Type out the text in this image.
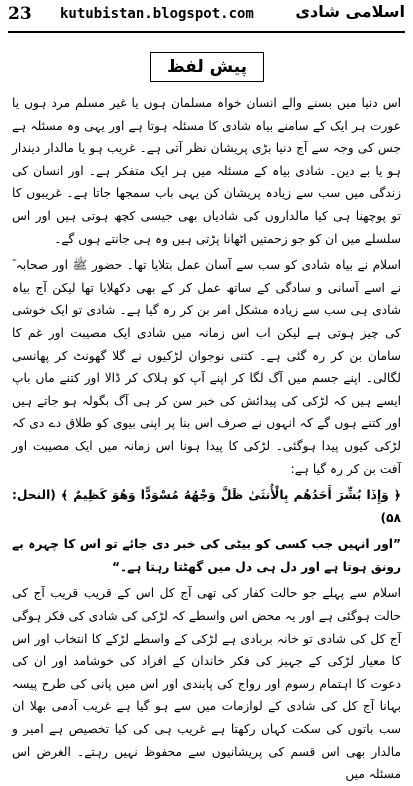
23 kutubistan.blogspot.com	اسلامی شادی
پیش لفظ

اس دنیا میں بسنے والے انسان خواہ مسلمان ہوں یا غیر مسلم مرد ہوں یا عورت ہر ایک کے سامنے بیاہ شادی کا مسئلہ ہوتا ہے اور یہی وہ مسئلہ ہے جس کی وجہ سے آج دنیا بڑی پریشان نظر آتی ہے۔ غریب ہو یا مالدار دیندار ہو یا بے دین۔ شادی بیاہ کے مسئلہ میں ہر ایک متفکر ہے۔ اور انسان کی زندگی میں سب سے زیادہ پریشان کن یہی باب سمجھا جاتا ہے۔ غریبوں کا تو پوچھنا ہی کیا مالداروں کی شادیاں بھی جیسی کچھ ہوتی ہیں اور اس سلسلے میں ان کو جو زحمتیں اٹھانا پڑتی ہیں وہ ہی جانتے ہوں گے۔

اسلام نے بیاہ شادی کو سب سے آسان عمل بتلایا تھا۔ حضور ﷺ اور صحابہ ؓ نے اسے آسانی و سادگی کے ساتھ عمل کر کے بھی دکھلایا تھا لیکن آج بیاہ شادی ہی سب سے زیادہ مشکل امر بن کر رہ گیا ہے۔ شادی تو ایک خوشی کی چیز ہوتی ہے لیکن اب اس زمانہ میں شادی ایک مصیبت اور غم کا سامان بن کر رہ گئی ہے۔ کتنی نوجوان لڑکیوں نے گلا گھونٹ کر پھانسی لگالی۔ اپنے جسم میں آگ لگا کر اپنے آپ کو ہلاک کر ڈالا اور کتنے ماں باپ ایسے ہیں کہ لڑکی کی پیدائش کی خبر سن کر ہی آگ بگولہ ہو جاتے ہیں اور کتنے ہوں گے کہ انہوں نے صرف اس بنا پر اپنی بیوی کو طلاق دے دی کہ لڑکی کیوں پیدا ہوگئی۔ لڑکی کا پیدا ہونا اس زمانہ میں ایک مصیبت اور آفت بن کر رہ گیا ہے:

﴿ وَإِذَا بُشِّرَ أَحَدُهُم بِالْأُنثَىٰ ظَلَّ وَجْهُهُ مُسْوَدًّا وَهُوَ كَظِيمٌ ﴾ (النحل: ۵۸)

”اور انہیں جب کسی کو بیٹی کی خبر دی جائے تو اس کا چہرہ بے رونق ہوتا ہے اور دل ہی دل میں گھٹتا رہتا ہے۔“

اسلام سے پہلے جو حالت کفار کی تھی آج کل اس کے قریب قریب آج کی حالت ہوگئی ہے اور یہ محض اس واسطے کہ لڑکی کی شادی کی فکر ہوگی آج کل کی شادی تو خانہ بربادی ہے لڑکی کے واسطے لڑکے کا انتخاب اور اس کا معیار لڑکی کے جہیز کی فکر خاندان کے افراد کی خوشامد اور ان کی دعوت کا اہتمام رسوم اور رواج کی پابندی اور اس میں پانی کی طرح پیسہ بہانا آج کل کی شادی کے لوازمات میں سے ہو گیا ہے غریب آدمی بھلا ان سب باتوں کی سکت کہاں رکھتا ہے غریب ہی کی کیا تخصیص ہے امیر و مالدار بھی اس قسم کی پریشانیوں سے محفوظ نہیں رہتے۔ الغرض اس مسئلہ میں
